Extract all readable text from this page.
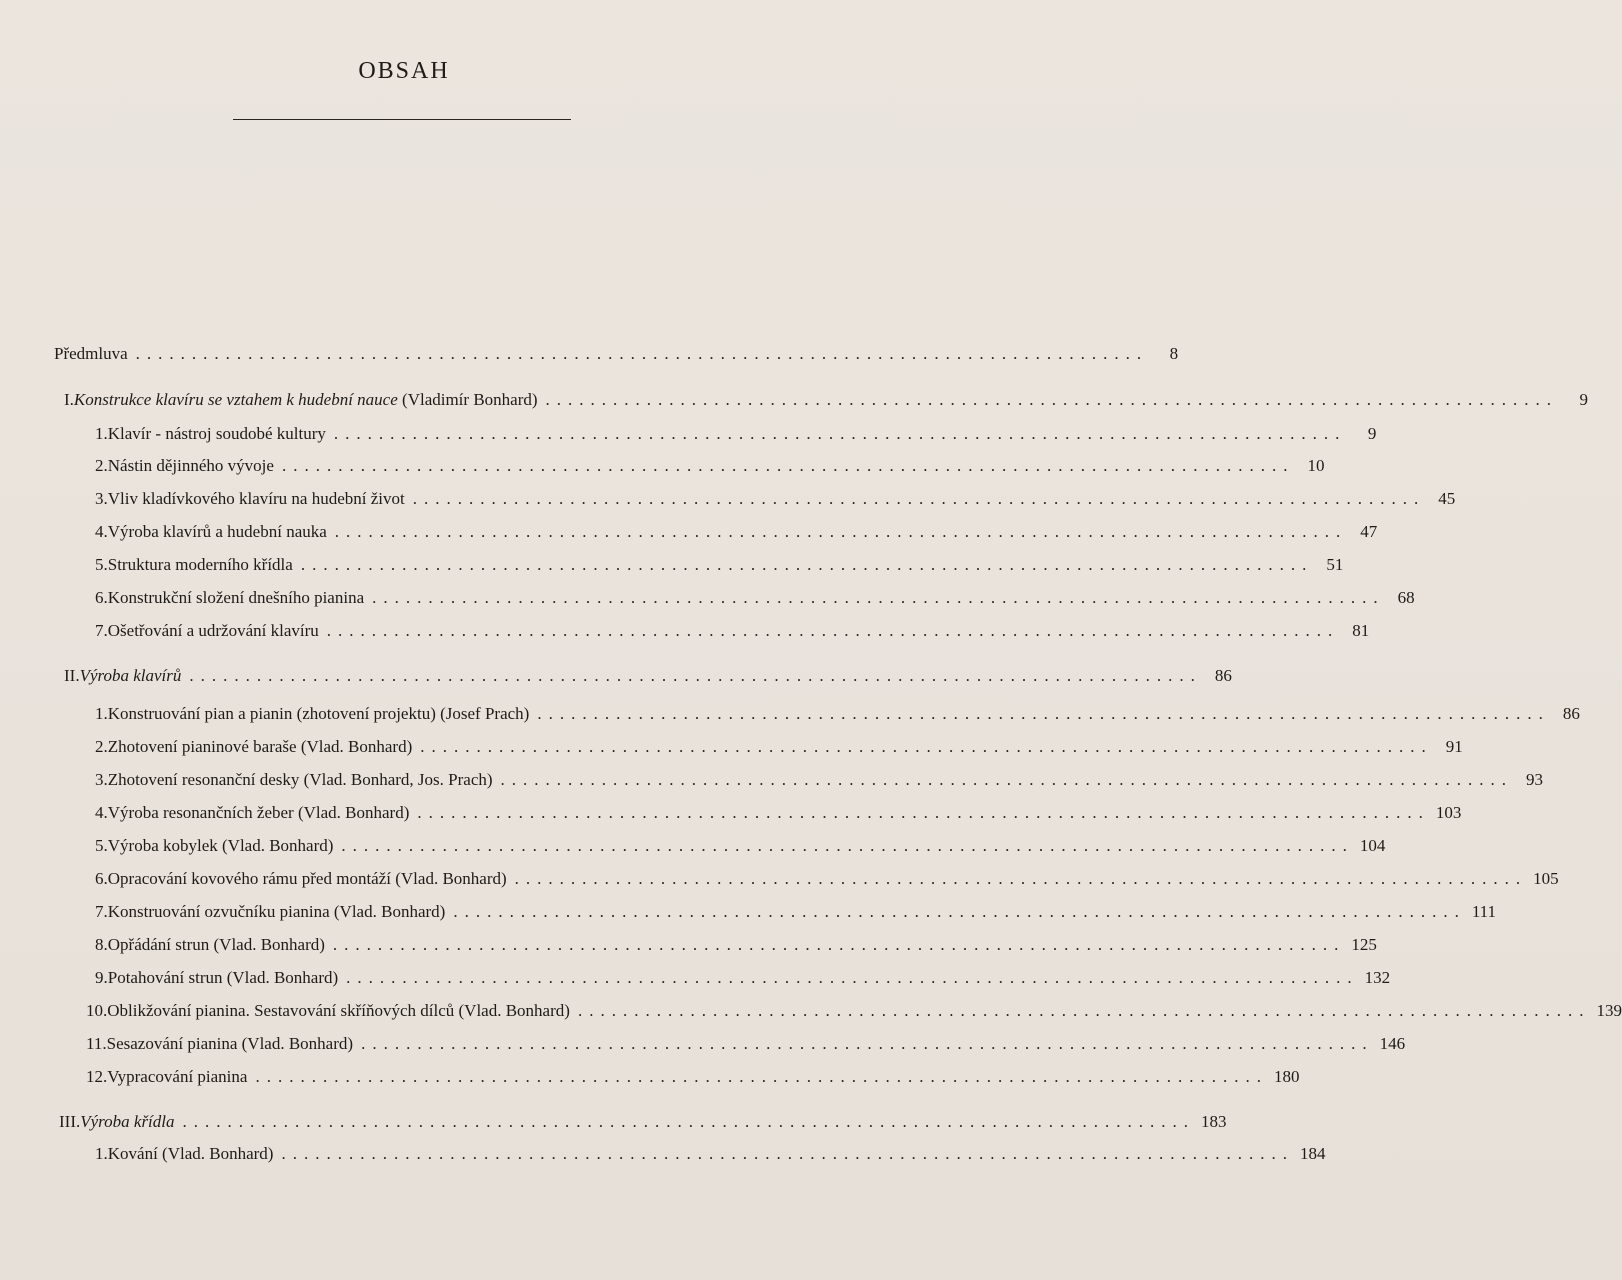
OBSAH
Předmluva ..........................................................................................	8
I. Konstrukce klavíru se vztahem k hudební nauce (Vladimír Bonhard) ..........................................................................................	9
1. Klavír - nástroj soudobé kultury ..........................................................................................	9
2. Nástin dějinného vývoje .......................................................................................... 10
3. Vliv kladívkového klavíru na hudební život .......................................................................................... 45
4. Výroba klavírů a hudební nauka .......................................................................................... 47
5. Struktura moderního křídla .......................................................................................... 51
6. Konstrukční složení dnešního pianina .......................................................................................... 68
7. Ošetřování a udržování klavíru .......................................................................................... 81
II. Výroba klavírů .......................................................................................... 86
1. Konstruování pian a pianin (zhotovení projektu) (Josef Prach) .......................................................................................... 86
2. Zhotovení pianinové baraše (Vlad. Bonhard) .......................................................................................... 91
3. Zhotovení resonanční desky (Vlad. Bonhard, Jos. Prach) .......................................................................................... 93
4. Výroba resonančních žeber (Vlad. Bonhard) .......................................................................................... 103
5. Výroba kobylek (Vlad. Bonhard) .......................................................................................... 104
6. Opracování kovového rámu před montáží (Vlad. Bonhard) .......................................................................................... 105
7. Konstruování ozvučníku pianina (Vlad. Bonhard) .......................................................................................... 111
8. Opřádání strun (Vlad. Bonhard) .......................................................................................... 125
9. Potahování strun (Vlad. Bonhard) .......................................................................................... 132
10. Oblikžování pianina. Sestavování skříňových dílců (Vlad. Bonhard) .......................................................................................... 139
11. Sesazování pianina (Vlad. Bonhard) .......................................................................................... 146
12. Vypracování pianina .......................................................................................... 180
III. Výroba křídla .......................................................................................... 183
1. Kování (Vlad. Bonhard) .......................................................................................... 184
